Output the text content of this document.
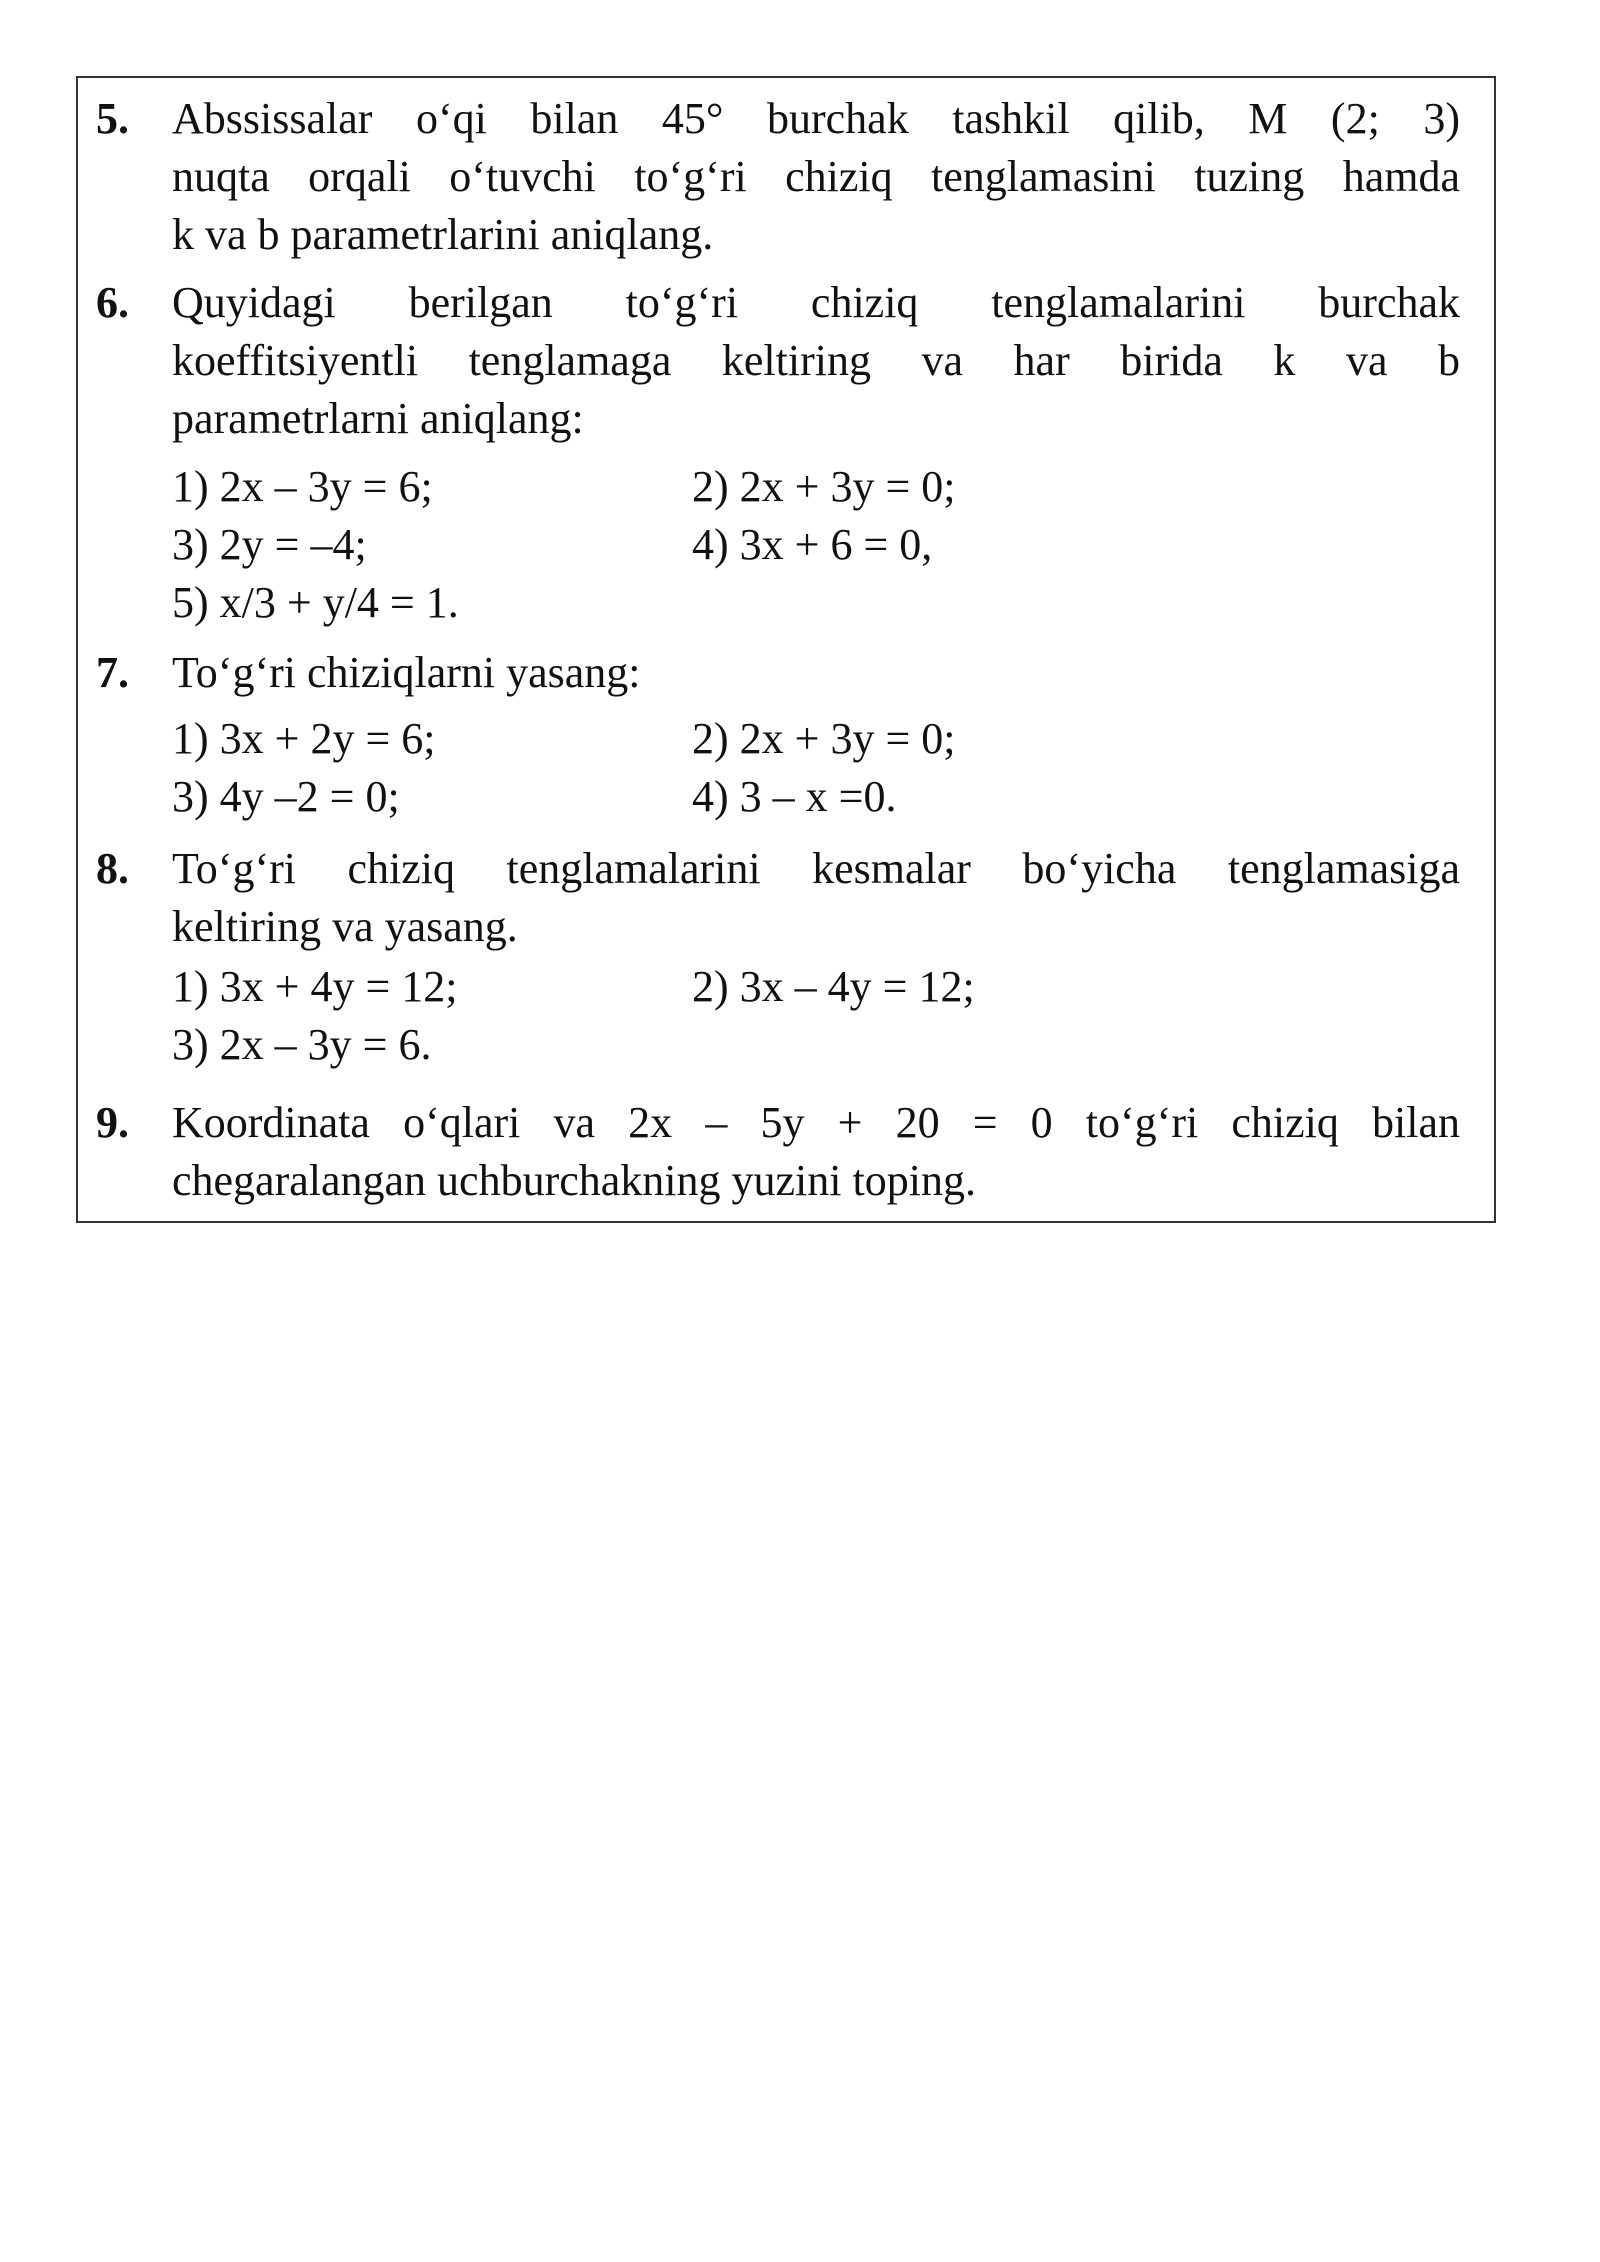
5. Abssissalar o‘qi bilan 45° burchak tashkil qilib, M (2; 3)
nuqta orqali o‘tuvchi to‘g‘ri chiziq tenglamasini tuzing hamda
k va b parametrlarini aniqlang.
6. Quyidagi berilgan to‘g‘ri chiziq tenglamalarini burchak
koeffitsiyentli tenglamaga keltiring va har birida k va b
parametrlarni aniqlang:
1) 2x – 3y = 6;	2) 2x + 3y = 0;
3) 2y = –4;	4) 3x + 6 = 0,
5) x/3 + y/4 = 1.
7. To‘g‘ri chiziqlarni yasang:
1) 3x + 2y = 6;	2) 2x + 3y = 0;
3) 4y –2 = 0;	4) 3 – x =0.
8. To‘g‘ri chiziq tenglamalarini kesmalar bo‘yicha tenglamasiga
keltiring va yasang.
1) 3x + 4y = 12;	2) 3x – 4y = 12;
3) 2x – 3y = 6.
9. Koordinata o‘qlari va 2x – 5y + 20 = 0 to‘g‘ri chiziq bilan
chegaralangan uchburchakning yuzini toping.
